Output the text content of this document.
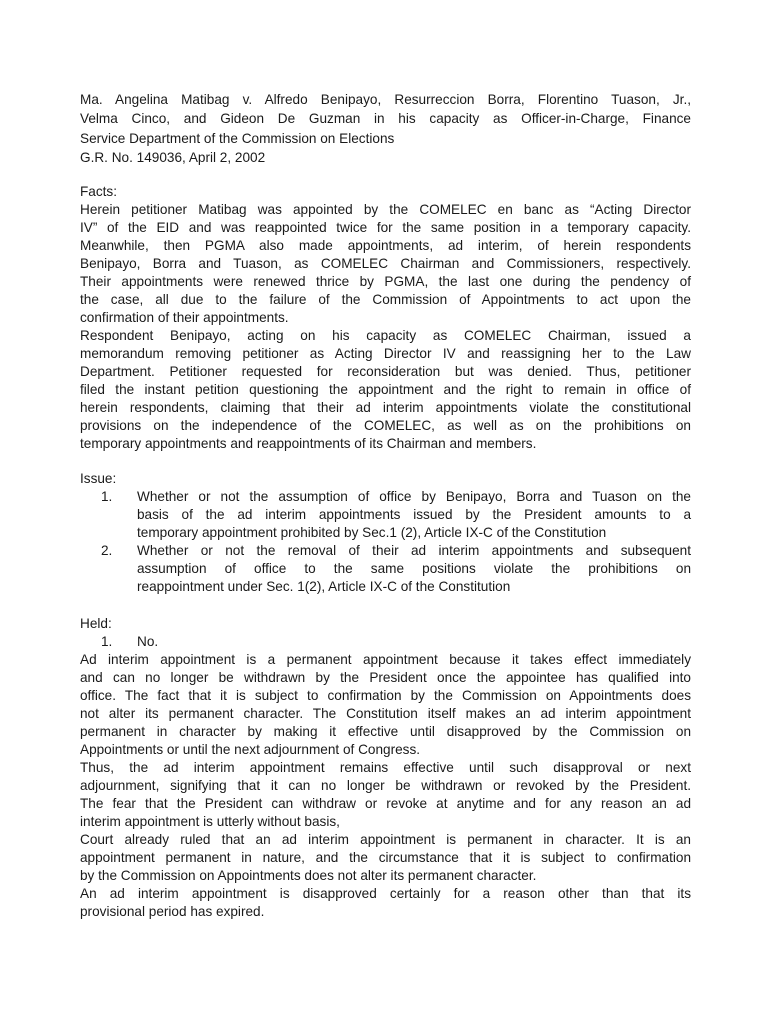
Ma. Angelina Matibag v. Alfredo Benipayo, Resurreccion Borra, Florentino Tuason, Jr.,
Velma Cinco, and Gideon De Guzman in his capacity as Officer-in-Charge, Finance
Service Department of the Commission on Elections
G.R. No. 149036, April 2, 2002
Facts:
Herein petitioner Matibag was appointed by the COMELEC en banc as “Acting Director
IV” of the EID and was reappointed twice for the same position in a temporary capacity.
Meanwhile, then PGMA also made appointments, ad interim, of herein respondents
Benipayo, Borra and Tuason, as COMELEC Chairman and Commissioners, respectively.
Their appointments were renewed thrice by PGMA, the last one during the pendency of
the case, all due to the failure of the Commission of Appointments to act upon the
confirmation of their appointments.
Respondent Benipayo, acting on his capacity as COMELEC Chairman, issued a
memorandum removing petitioner as Acting Director IV and reassigning her to the Law
Department. Petitioner requested for reconsideration but was denied. Thus, petitioner
filed the instant petition questioning the appointment and the right to remain in office of
herein respondents, claiming that their ad interim appointments violate the constitutional
provisions on the independence of the COMELEC, as well as on the prohibitions on
temporary appointments and reappointments of its Chairman and members.
Issue:
1. Whether or not the assumption of office by Benipayo, Borra and Tuason on the
basis of the ad interim appointments issued by the President amounts to a
temporary appointment prohibited by Sec.1 (2), Article IX-C of the Constitution
2. Whether or not the removal of their ad interim appointments and subsequent
assumption of office to the same positions violate the prohibitions on
reappointment under Sec. 1(2), Article IX-C of the Constitution
Held:
1. No.
Ad interim appointment is a permanent appointment because it takes effect immediately
and can no longer be withdrawn by the President once the appointee has qualified into
office. The fact that it is subject to confirmation by the Commission on Appointments does
not alter its permanent character. The Constitution itself makes an ad interim appointment
permanent in character by making it effective until disapproved by the Commission on
Appointments or until the next adjournment of Congress.
Thus, the ad interim appointment remains effective until such disapproval or next
adjournment, signifying that it can no longer be withdrawn or revoked by the President.
The fear that the President can withdraw or revoke at anytime and for any reason an ad
interim appointment is utterly without basis,
Court already ruled that an ad interim appointment is permanent in character. It is an
appointment permanent in nature, and the circumstance that it is subject to confirmation
by the Commission on Appointments does not alter its permanent character.
An ad interim appointment is disapproved certainly for a reason other than that its
provisional period has expired.
